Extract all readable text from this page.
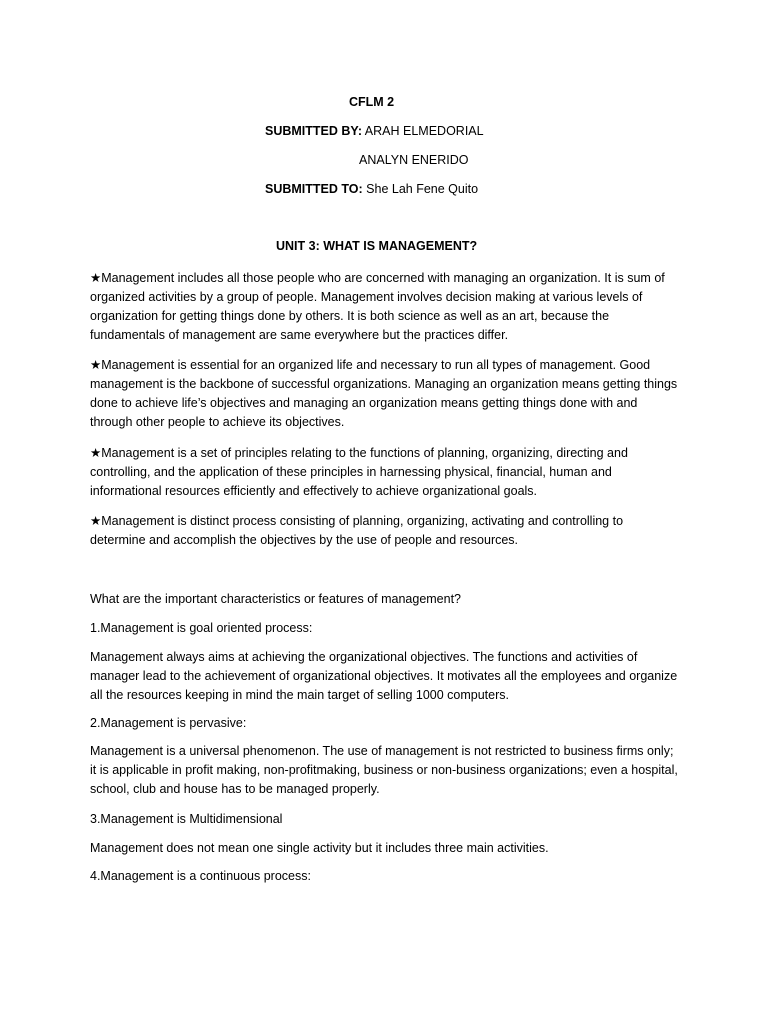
CFLM 2
SUBMITTED BY: ARAH ELMEDORIAL
ANALYN ENERIDO
SUBMITTED TO: She Lah Fene Quito
UNIT 3: WHAT IS MANAGEMENT?

★Management includes all those people who are concerned with managing an organization. It is sum of organized activities by a group of people. Management involves decision making at various levels of organization for getting things done by others. It is both science as well as an art, because the fundamentals of management are same everywhere but the practices differ.

★Management is essential for an organized life and necessary to run all types of management. Good management is the backbone of successful organizations. Managing an organization means getting things done to achieve life’s objectives and managing an organization means getting things done with and through other people to achieve its objectives.

★Management is a set of principles relating to the functions of planning, organizing, directing and controlling, and the application of these principles in harnessing physical, financial, human and informational resources efficiently and effectively to achieve organizational goals.

★Management is distinct process consisting of planning, organizing, activating and controlling to determine and accomplish the objectives by the use of people and resources.

What are the important characteristics or features of management?

1.Management is goal oriented process:

Management always aims at achieving the organizational objectives. The functions and activities of manager lead to the achievement of organizational objectives. It motivates all the employees and organize all the resources keeping in mind the main target of selling 1000 computers.

2.Management is pervasive:

Management is a universal phenomenon. The use of management is not restricted to business firms only; it is applicable in profit making, non-profitmaking, business or non-business organizations; even a hospital, school, club and house has to be managed properly.

3.Management is Multidimensional

Management does not mean one single activity but it includes three main activities.

4.Management is a continuous process:
